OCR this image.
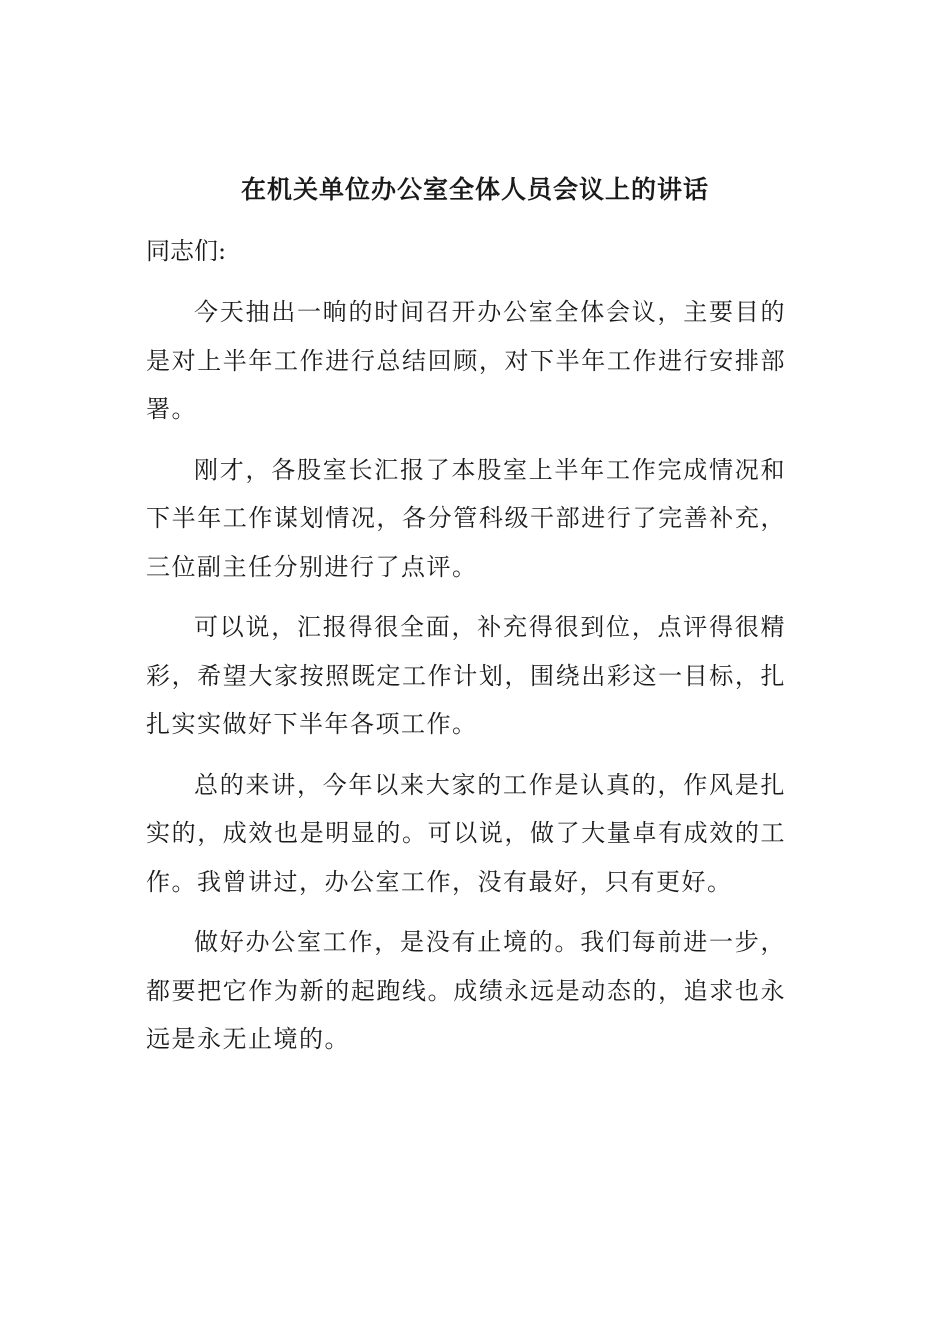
在机关单位办公室全体人员会议上的讲话

同志们:

今天抽出一晌的时间召开办公室全体会议，主要目的是对上半年工作进行总结回顾，对下半年工作进行安排部署。

刚才，各股室长汇报了本股室上半年工作完成情况和下半年工作谋划情况，各分管科级干部进行了完善补充，三位副主任分别进行了点评。

可以说，汇报得很全面，补充得很到位，点评得很精彩，希望大家按照既定工作计划，围绕出彩这一目标，扎扎实实做好下半年各项工作。

总的来讲，今年以来大家的工作是认真的，作风是扎实的，成效也是明显的。可以说，做了大量卓有成效的工作。我曾讲过，办公室工作，没有最好，只有更好。

做好办公室工作，是没有止境的。我们每前进一步，都要把它作为新的起跑线。成绩永远是动态的，追求也永远是永无止境的。
